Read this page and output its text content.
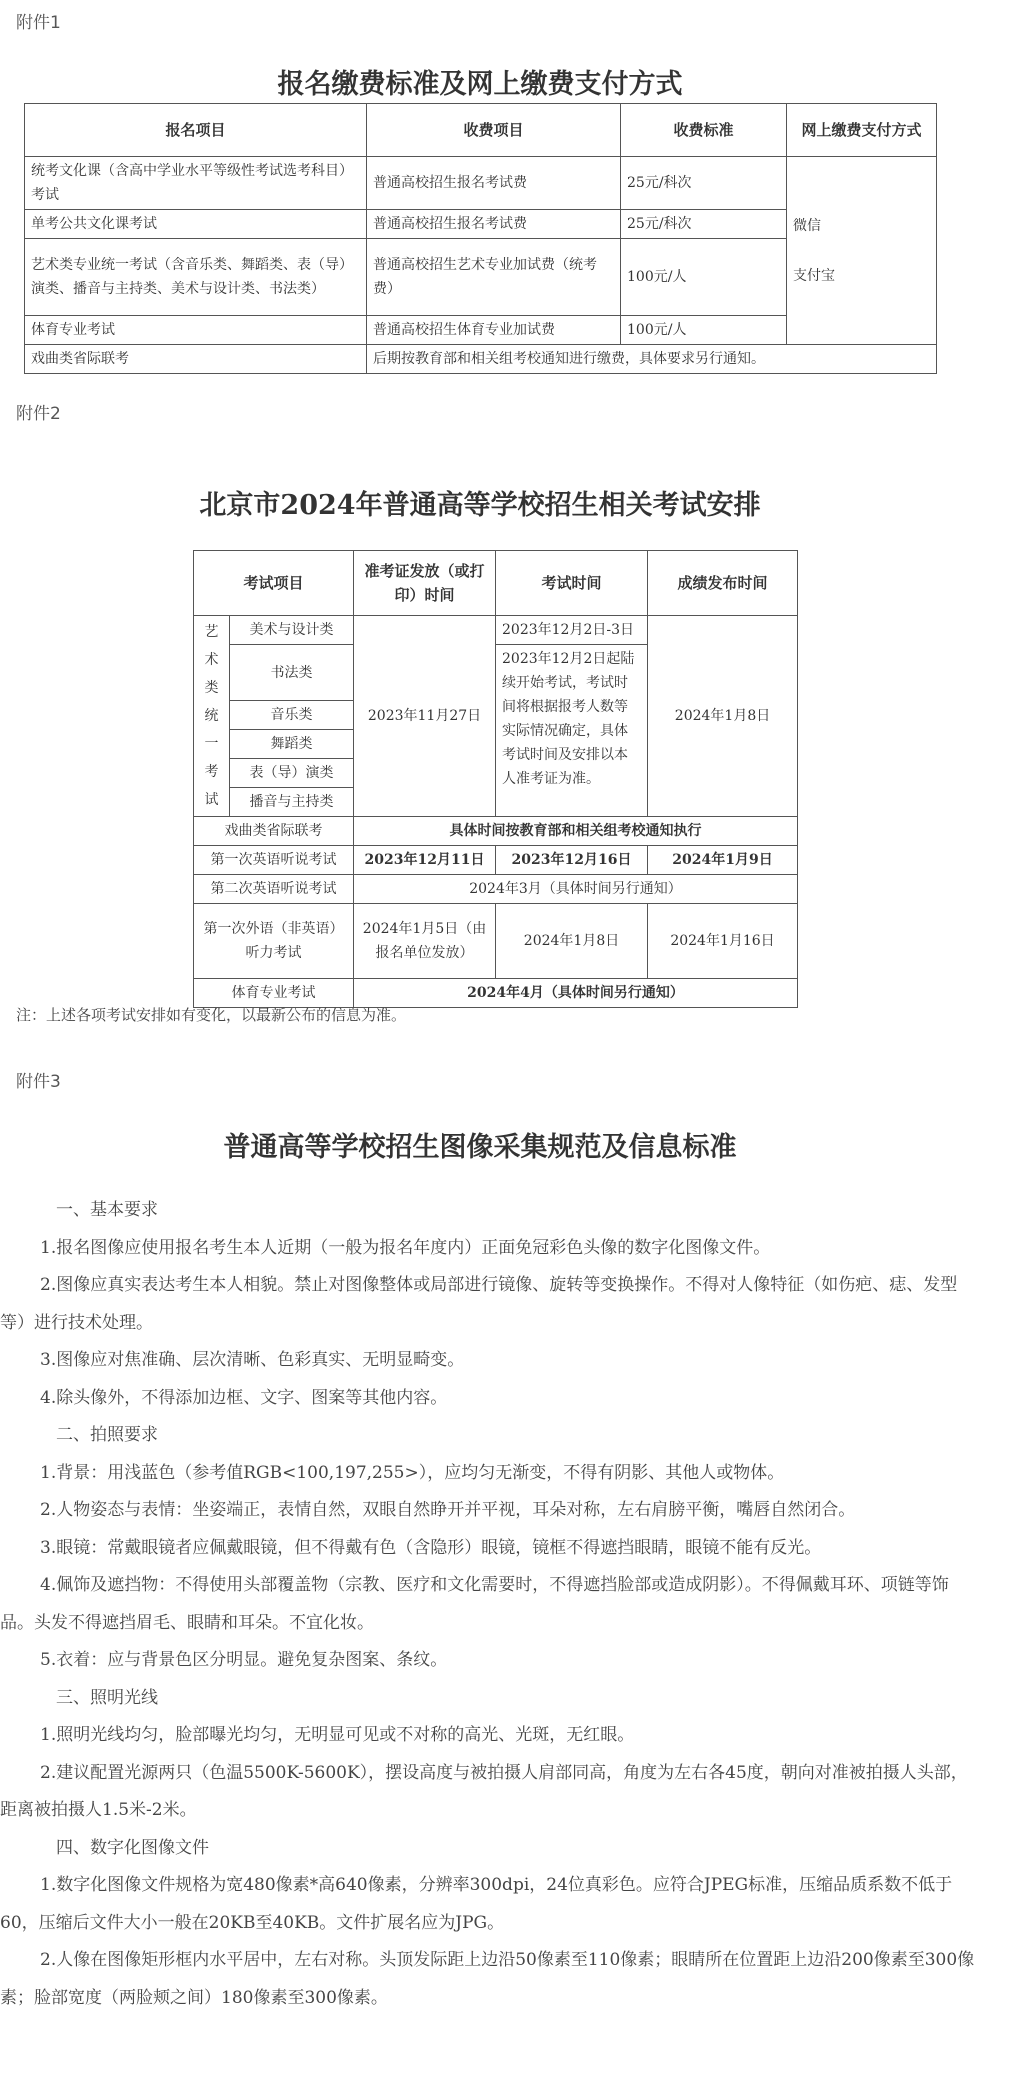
附件1
报名缴费标准及网上缴费支付方式
报名项目	收费项目	收费标准	网上缴费支付方式
统考文化课（含高中学业水平等级性考试选考科目）考试	普通高校招生报名考试费	25元/科次	微信
支付宝

单考公共文化课考试	普通高校招生报名考试费	25元/科次	
艺术类专业统一考试（含音乐类、舞蹈类、表（导）演类、播音与主持类、美术与设计类、书法类）	普通高校招生艺术专业加试费（统考费）	100元/人	
体育专业考试	普通高校招生体育专业加试费	100元/人	
戏曲类省际联考	后期按教育部和相关组考校通知进行缴费，具体要求另行通知。		
附件2
北京市2024年普通高等学校招生相关考试安排
考试项目		准考证发放（或打印）时间	考试时间	成绩发布时间

艺术类统一考试	美术与设计类	2023年11月27日	2023年12月2日-3日	2024年1月8日
	书法类		2023年12月2日起陆续开始考试，考试时间将根据报考人数等实际情况确定，具体考试时间及安排以本人准考证为准。	
	音乐类			
	舞蹈类			
	表（导）演类			
	播音与主持类			
戏曲类省际联考		具体时间按教育部和相关组考校通知执行		
第一次英语听说考试		2023年12月11日	2023年12月16日	2024年1月9日
第二次英语听说考试		2024年3月（具体时间另行通知）		
第一次外语（非英语）听力考试		2024年1月5日（由报名单位发放）	2024年1月8日	2024年1月16日
体育专业考试		2024年4月（具体时间另行通知）		
注：上述各项考试安排如有变化，以最新公布的信息为准。
附件3
普通高等学校招生图像采集规范及信息标准

一、基本要求

1.报名图像应使用报名考生本人近期（一般为报名年度内）正面免冠彩色头像的数字化图像文件。

2.图像应真实表达考生本人相貌。禁止对图像整体或局部进行镜像、旋转等变换操作。不得对人像特征（如伤疤、痣、发型等）进行技术处理。

3.图像应对焦准确、层次清晰、色彩真实、无明显畸变。

4.除头像外，不得添加边框、文字、图案等其他内容。

二、拍照要求

1.背景：用浅蓝色（参考值RGB<100,197,255>），应均匀无渐变，不得有阴影、其他人或物体。

2.人物姿态与表情：坐姿端正，表情自然，双眼自然睁开并平视，耳朵对称，左右肩膀平衡，嘴唇自然闭合。

3.眼镜：常戴眼镜者应佩戴眼镜，但不得戴有色（含隐形）眼镜，镜框不得遮挡眼睛，眼镜不能有反光。

4.佩饰及遮挡物：不得使用头部覆盖物（宗教、医疗和文化需要时，不得遮挡脸部或造成阴影）。不得佩戴耳环、项链等饰品。头发不得遮挡眉毛、眼睛和耳朵。不宜化妆。

5.衣着：应与背景色区分明显。避免复杂图案、条纹。

三、照明光线

1.照明光线均匀，脸部曝光均匀，无明显可见或不对称的高光、光斑，无红眼。

2.建议配置光源两只（色温5500K-5600K），摆设高度与被拍摄人肩部同高，角度为左右各45度，朝向对准被拍摄人头部，距离被拍摄人1.5米-2米。

四、数字化图像文件

1.数字化图像文件规格为宽480像素*高640像素，分辨率300dpi，24位真彩色。应符合JPEG标准，压缩品质系数不低于60，压缩后文件大小一般在20KB至40KB。文件扩展名应为JPG。

2.人像在图像矩形框内水平居中，左右对称。头顶发际距上边沿50像素至110像素；眼睛所在位置距上边沿200像素至300像素；脸部宽度（两脸颊之间）180像素至300像素。
